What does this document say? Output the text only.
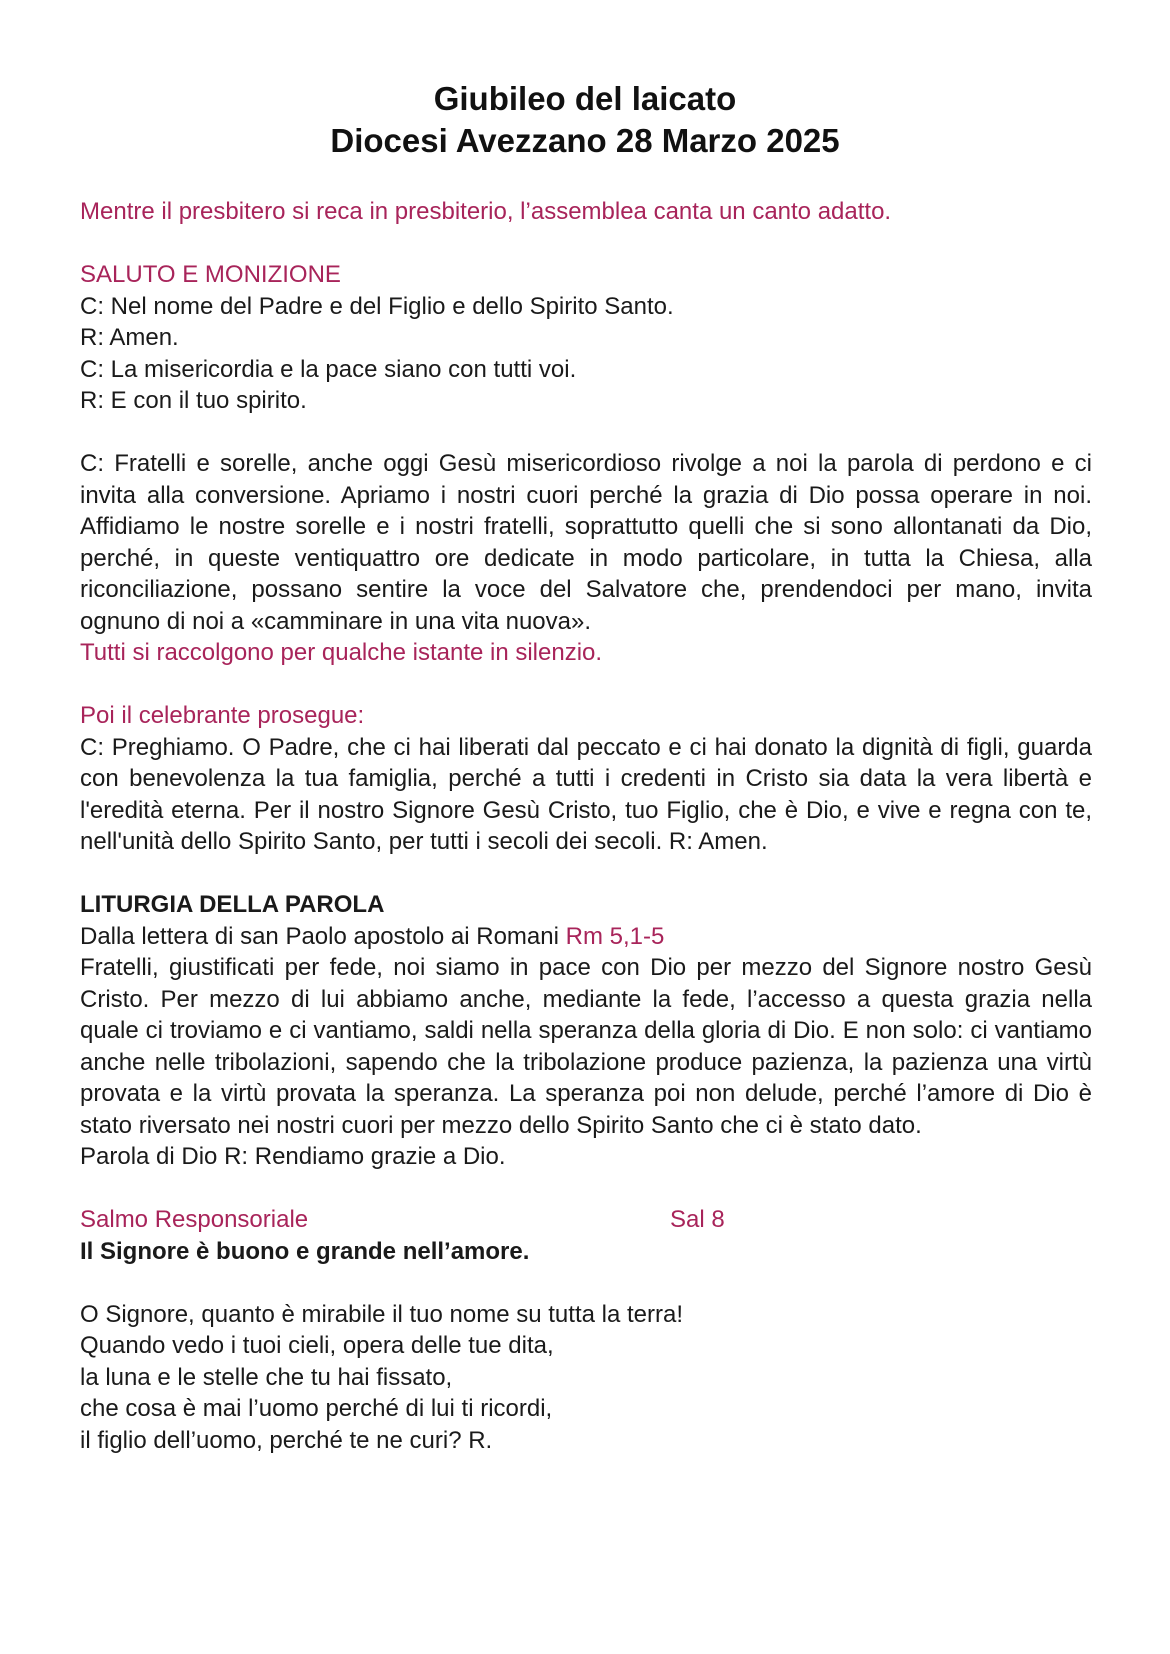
Giubileo del laicato
Diocesi Avezzano 28 Marzo 2025

Mentre il presbitero si reca in presbiterio, l’assemblea canta un canto adatto.

SALUTO E MONIZIONE

C: Nel nome del Padre e del Figlio e dello Spirito Santo.

R: Amen.

C: La misericordia e la pace siano con tutti voi.

R: E con il tuo spirito.

C: Fratelli e sorelle, anche oggi Gesù misericordioso rivolge a noi la parola di perdono e ci invita alla conversione. Apriamo i nostri cuori perché la grazia di Dio possa operare in noi. Affidiamo le nostre sorelle e i nostri fratelli, soprattutto quelli che si sono allontanati da Dio, perché, in queste ventiquattro ore dedicate in modo particolare, in tutta la Chiesa, alla riconciliazione, possano sentire la voce del Salvatore che, prendendoci per mano, invita ognuno di noi a «camminare in una vita nuova».

Tutti si raccolgono per qualche istante in silenzio.

Poi il celebrante prosegue:

C: Preghiamo. O Padre, che ci hai liberati dal peccato e ci hai donato la dignità di figli, guarda con benevolenza la tua famiglia, perché a tutti i credenti in Cristo sia data la vera libertà e l'eredità eterna. Per il nostro Signore Gesù Cristo, tuo Figlio, che è Dio, e vive e regna con te, nell'unità dello Spirito Santo, per tutti i secoli dei secoli. R: Amen.

LITURGIA DELLA PAROLA

Dalla lettera di san Paolo apostolo ai Romani Rm 5,1-5

Fratelli, giustificati per fede, noi siamo in pace con Dio per mezzo del Signore nostro Gesù Cristo. Per mezzo di lui abbiamo anche, mediante la fede, l’accesso a questa grazia nella quale ci troviamo e ci vantiamo, saldi nella speranza della gloria di Dio. E non solo: ci vantiamo anche nelle tribolazioni, sapendo che la tribolazione produce pazienza, la pazienza una virtù provata e la virtù provata la speranza. La speranza poi non delude, perché l’amore di Dio è stato riversato nei nostri cuori per mezzo dello Spirito Santo che ci è stato dato.

Parola di Dio R: Rendiamo grazie a Dio.

Salmo Responsoriale	Sal 8

Il Signore è buono e grande nell’amore.

O Signore, quanto è mirabile il tuo nome su tutta la terra!

Quando vedo i tuoi cieli, opera delle tue dita,

la luna e le stelle che tu hai fissato,

che cosa è mai l’uomo perché di lui ti ricordi,

il figlio dell’uomo, perché te ne curi? R.
